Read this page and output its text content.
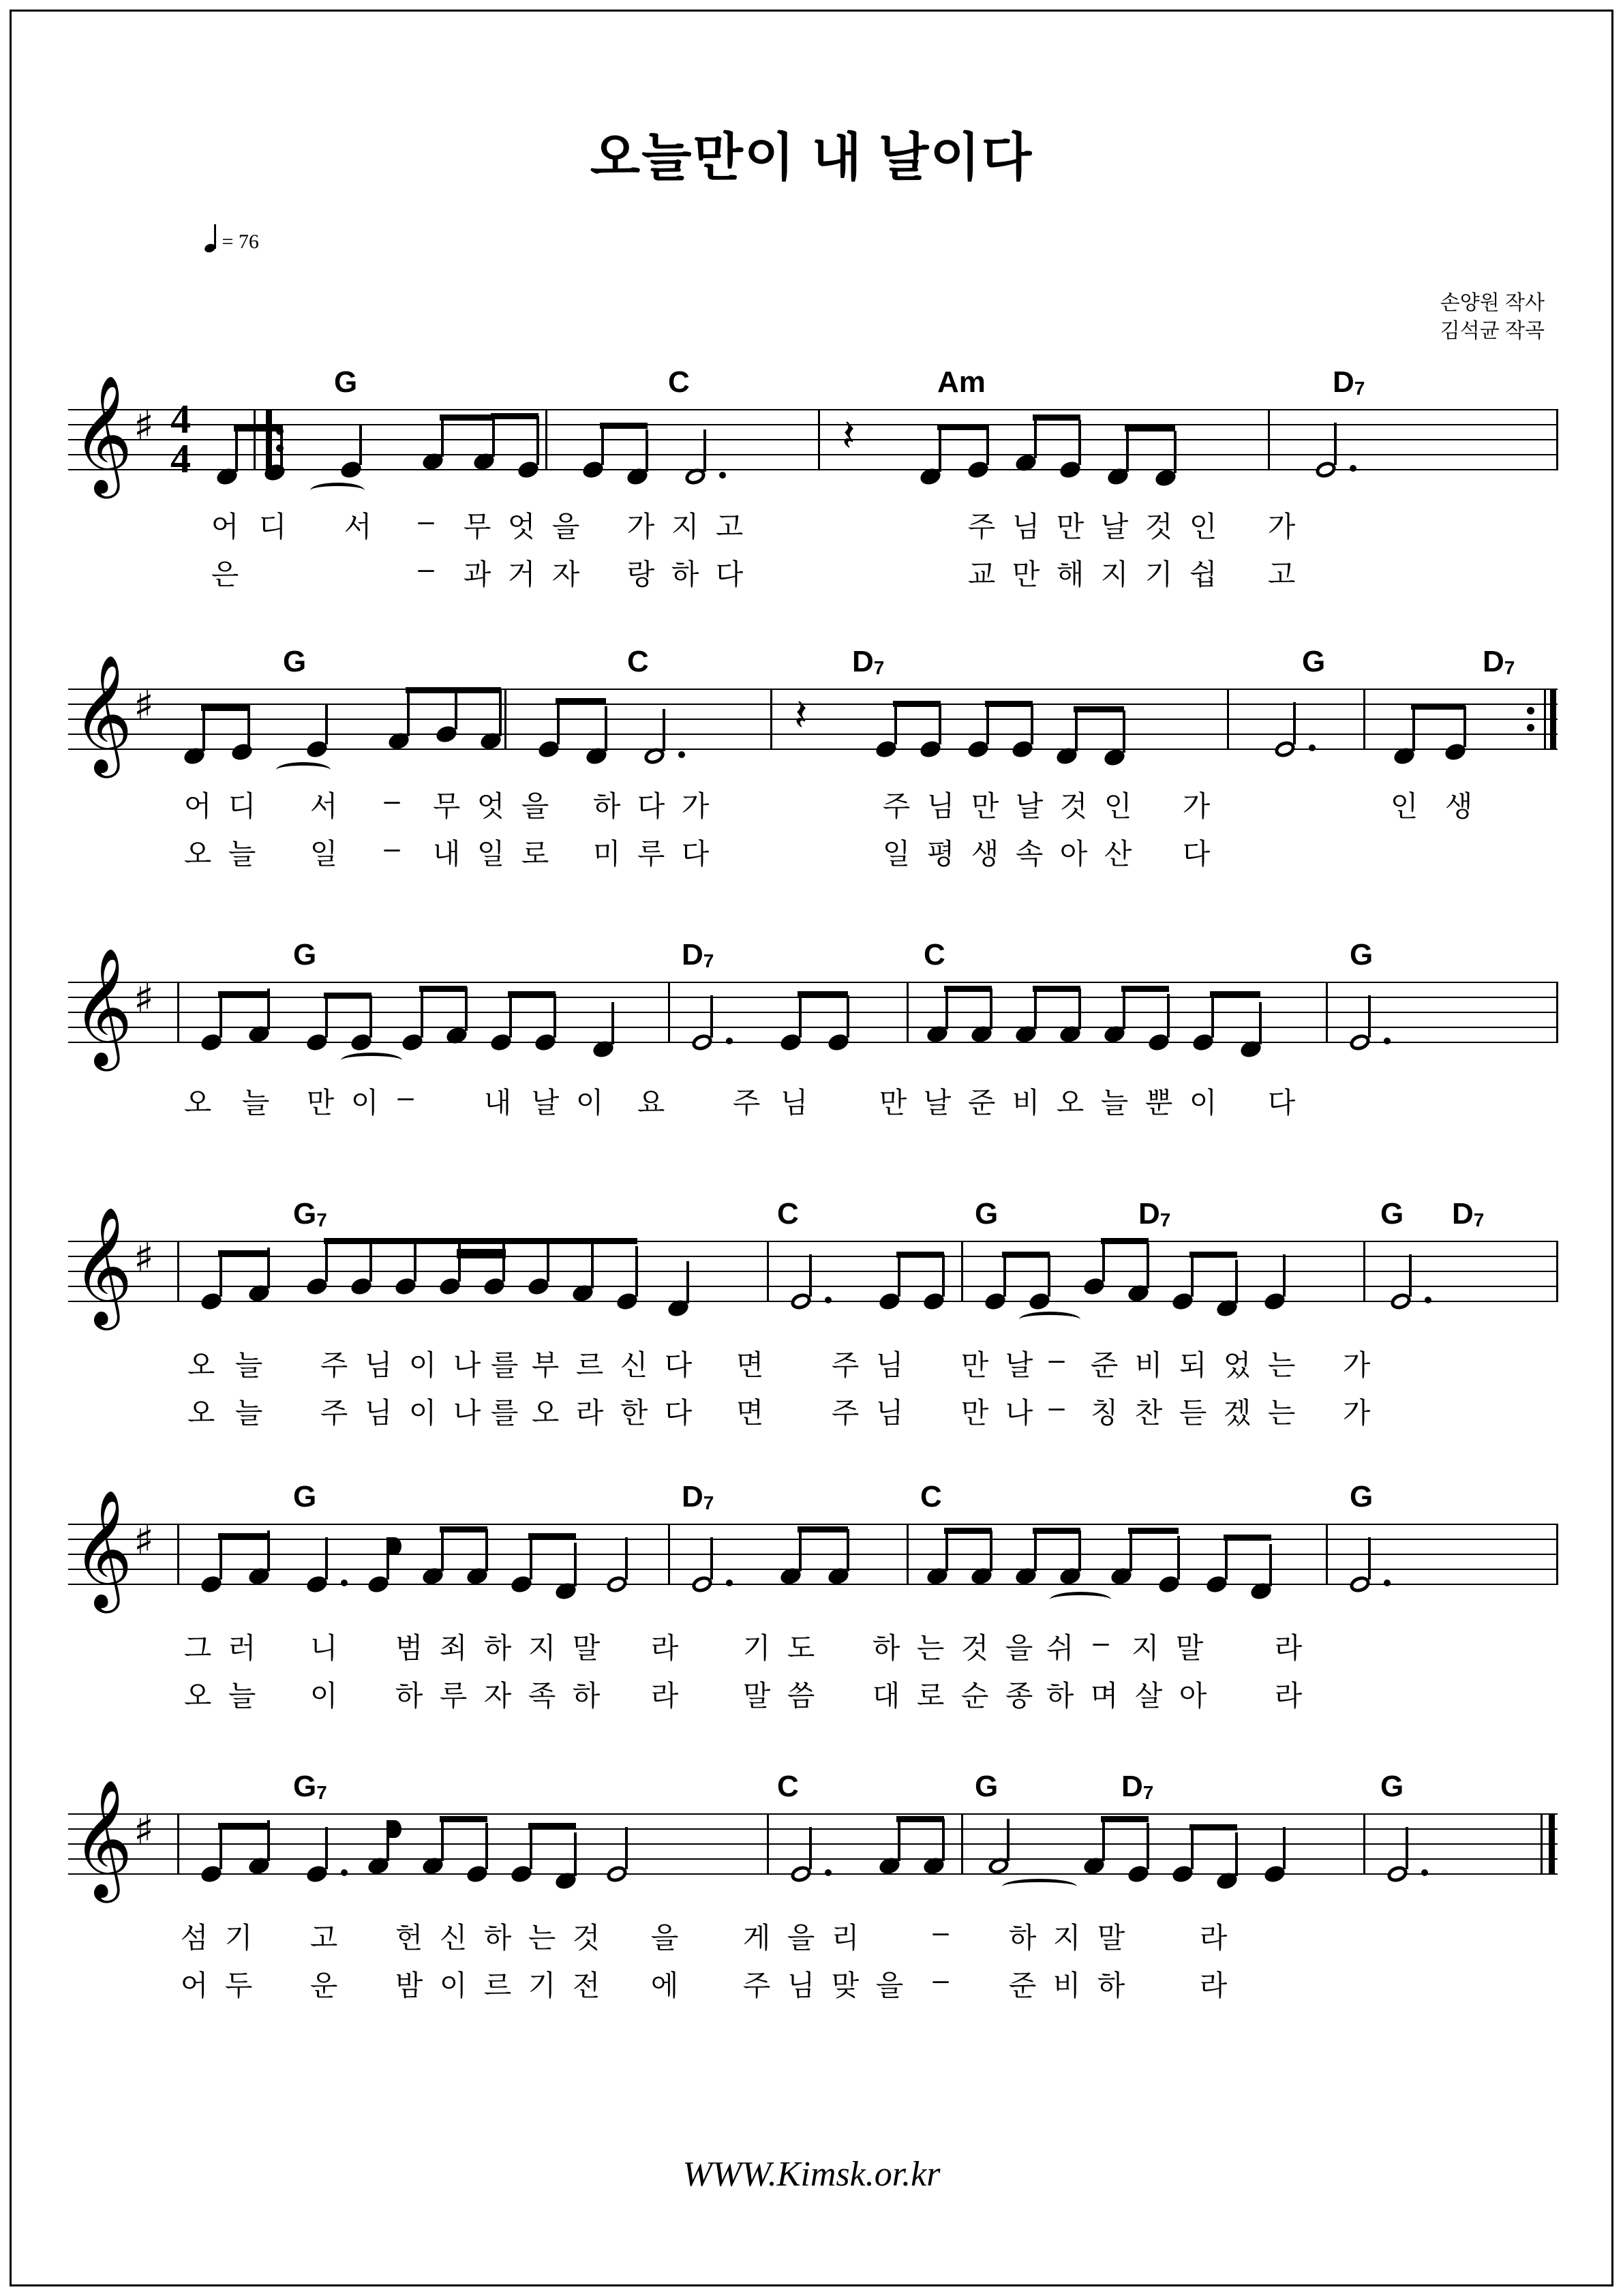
오늘만이 내 날이다
= 76
손양원 작사
김석균 작곡
𝄞 ♯ 4
4	𝄽
G	C	Am	$D_7$
어 디 서 – 무 엇 을 가 지 고	주 님 만 날 것 인 가
은	– 과 거 자 랑 하 다	교 만 해 지 기 쉽 고
𝄞 ♯	𝄽
G	C	$D_7$	G	$D_7$
어 디 서 – 무 엇 을 하 다 가	주 님 만 날 것 인 가	인 생
오 늘 일 – 내 일 로 미 루 다	일 평 생 속 아 산 다
𝄞 ♯
G	$D_7$	C	G
오 늘 만 이 – 내 날 이 요 주 님 만 날 준 비 오 늘 뿐 이 다
𝄞 ♯
$G_7$	C	G	$D_7$	G $D_7$
오 늘 주 님 이 나 를 부 르 신 다 면 주 님 만 날 – 준 비 되 었 는 가
오 늘 주 님 이 나 를 오 라 한 다 면 주 님 만 나 – 칭 찬 듣 겠 는 가
𝄞 ♯
G	$D_7$	C	G
그 러 니 범 죄 하 지 말 라 기 도 하 는 것 을 쉬 – 지 말 라
오 늘 이 하 루 자 족 하 라 말 씀 대 로 순 종 하 며 살 아 라
𝄞 ♯
$G_7$	C	G	$D_7$	G
섬 기 고 헌 신 하 는 것 을 게 을 리	– 하 지 말	라
어 두 운 밤 이 르 기 전 에 주 님 맞 을 – 준 비 하	라
WWW.Kimsk.or.kr
